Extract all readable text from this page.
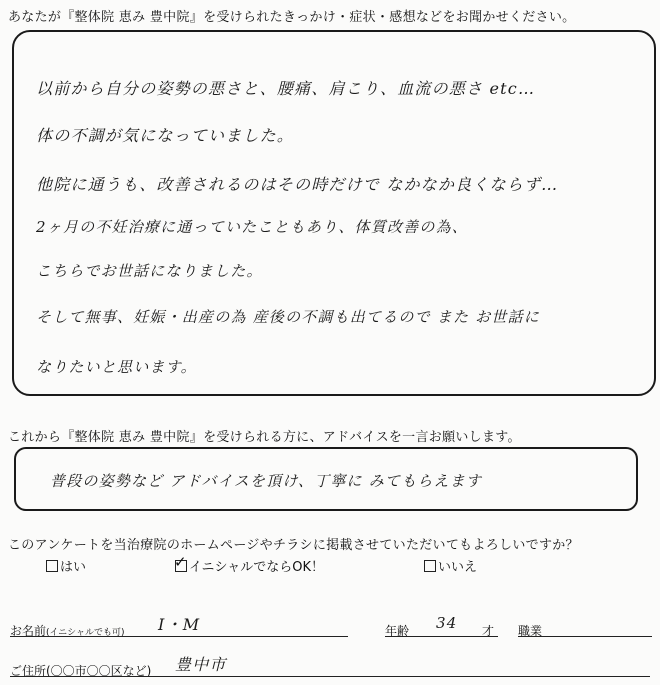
あなたが『整体院 恵み 豊中院』を受けられたきっかけ・症状・感想などをお聞かせください。
以前から自分の姿勢の悪さと、腰痛、肩こり、血流の悪さ etc…
体の不調が気になっていました。
他院に通うも、改善されるのはその時だけで なかなか良くならず…
2ヶ月の不妊治療に通っていたこともあり、体質改善の為、
こちらでお世話になりました。
そして無事、妊娠・出産の為 産後の不調も出てるので また お世話に
なりたいと思います。
これから『整体院 恵み 豊中院』を受けられる方に、アドバイスを一言お願いします。
普段の姿勢など アドバイスを頂け、丁寧に みてもらえます
このアンケートを当治療院のホームページやチラシに掲載させていただいてもよろしいですか？
はい	✓ イニシャルでならOK！	いいえ
お名前(イニシャルでも可) I・M	年齢 34 才 職業
ご住所(〇〇市〇〇区など) 豊中市
